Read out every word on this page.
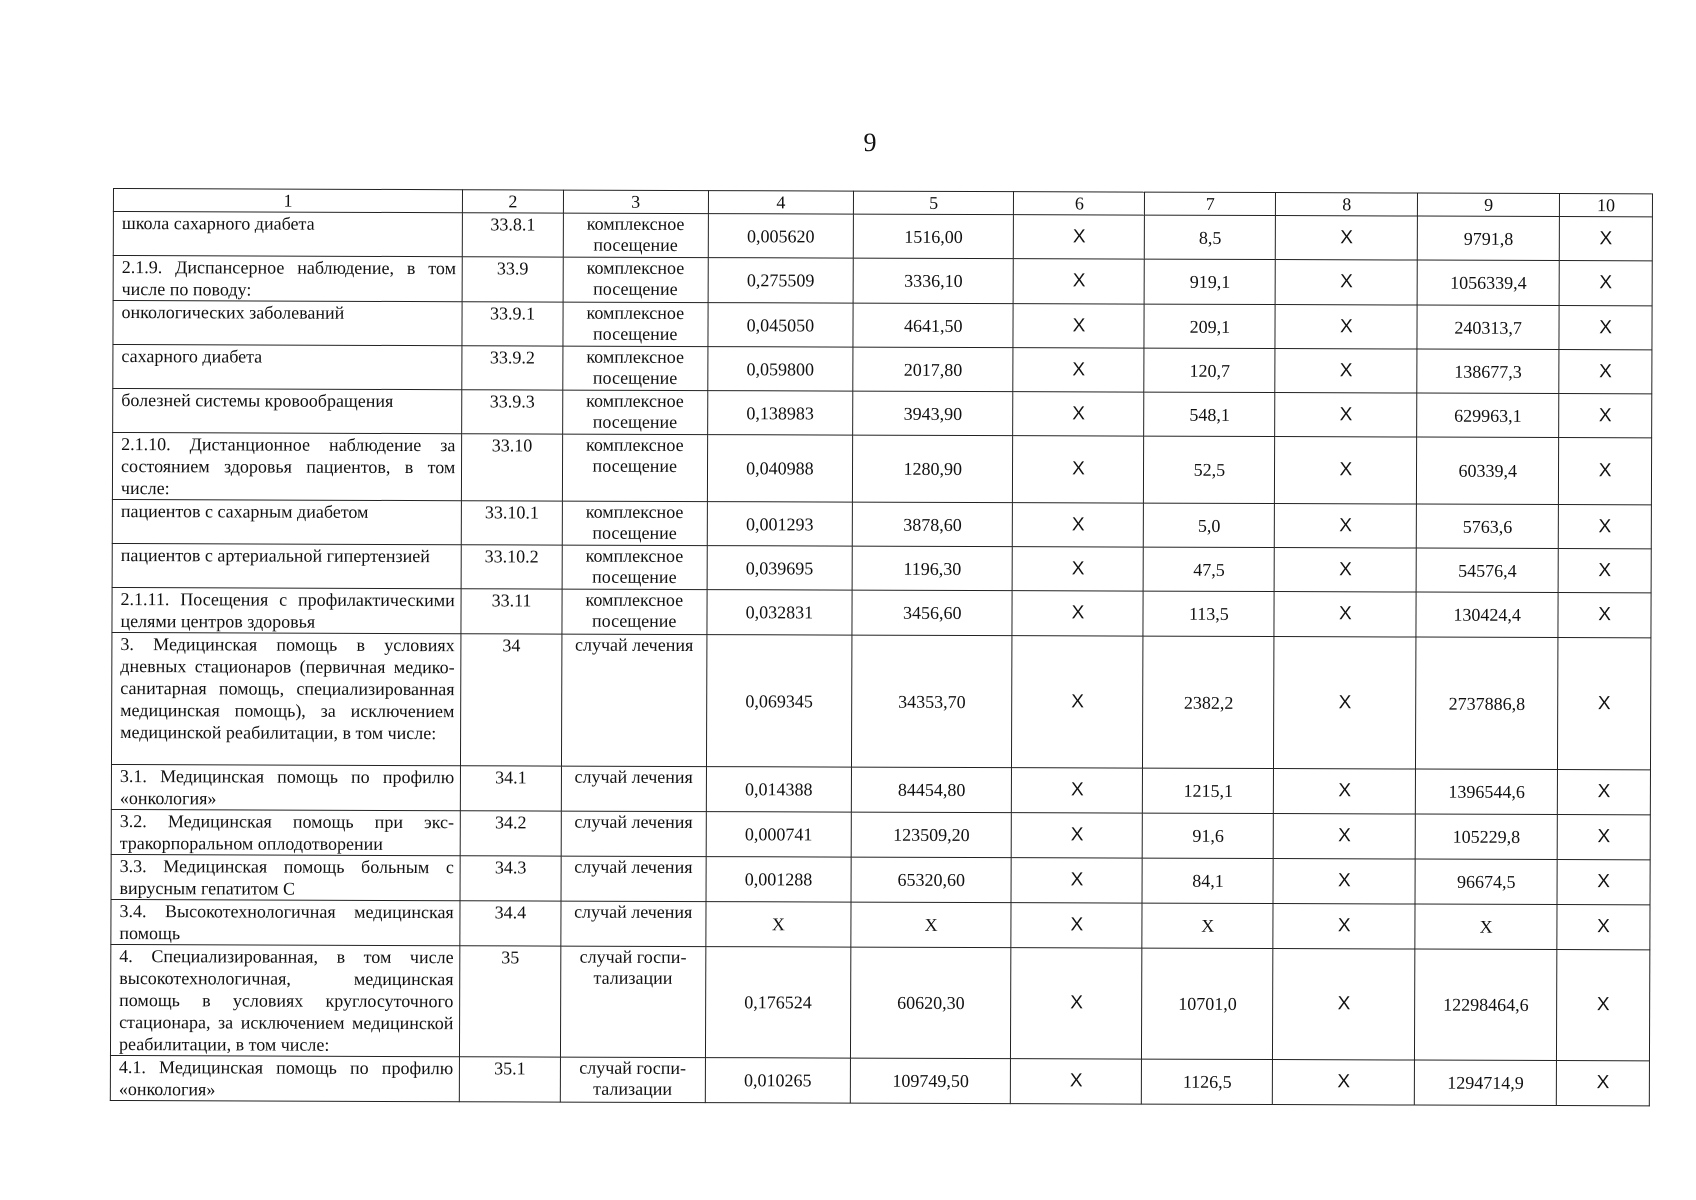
9
1	2	3	4	5	6	7	8	9	10
школа сахарного диабета	33.8.1	комплексное посещение	0,005620	1516,00	Х	8,5	Х	9791,8	Х
2.1.9. Диспансерное наблюдение, в том числе по поводу:	33.9	комплексное посещение	0,275509	3336,10	Х	919,1	Х	1056339,4	Х
онкологических заболеваний	33.9.1	комплексное посещение	0,045050	4641,50	Х	209,1	Х	240313,7	Х
сахарного диабета	33.9.2	комплексное посещение	0,059800	2017,80	Х	120,7	Х	138677,3	Х
болезней системы кровообращения	33.9.3	комплексное посещение	0,138983	3943,90	Х	548,1	Х	629963,1	Х
2.1.10. Дистанционное наблюдение за состоянием здоровья пациентов, в том числе:	33.10	комплексное посещение	0,040988	1280,90	Х	52,5	Х	60339,4	Х
пациентов с сахарным диабетом	33.10.1	комплексное посещение	0,001293	3878,60	Х	5,0	Х	5763,6	Х
пациентов с артериальной гипертензией	33.10.2	комплексное посещение	0,039695	1196,30	Х	47,5	Х	54576,4	Х
2.1.11. Посещения с профилактическими целями центров здоровья	33.11	комплексное посещение	0,032831	3456,60	Х	113,5	Х	130424,4	Х
3. Медицинская помощь в условиях дневных стационаров (первичная медико-санитарная помощь, специализированная медицинская помощь), за исключением медицинской реабилитации, в том числе:	34	случай лечения	0,069345	34353,70	Х	2382,2	Х	2737886,8	Х
3.1. Медицинская помощь по профилю «онкология»	34.1	случай лечения	0,014388	84454,80	Х	1215,1	Х	1396544,6	Х
3.2. Медицинская помощь при экстракорпоральном оплодотворении	34.2	случай лечения	0,000741	123509,20	Х	91,6	Х	105229,8	Х
3.3. Медицинская помощь больным с вирусным гепатитом С	34.3	случай лечения	0,001288	65320,60	Х	84,1	Х	96674,5	Х
3.4. Высокотехнологичная медицинская помощь	34.4	случай лечения	Х	Х	Х	Х	Х	Х	Х
4. Специализированная, в том числе высокотехнологичная, медицинская помощь в условиях круглосуточного стационара, за исключением медицинской реабилитации, в том числе:	35	случай госпитализации	0,176524	60620,30	Х	10701,0	Х	12298464,6	Х
4.1. Медицинская помощь по профилю «онкология»	35.1	случай госпитализации	0,010265	109749,50	Х	1126,5	Х	1294714,9	Х
